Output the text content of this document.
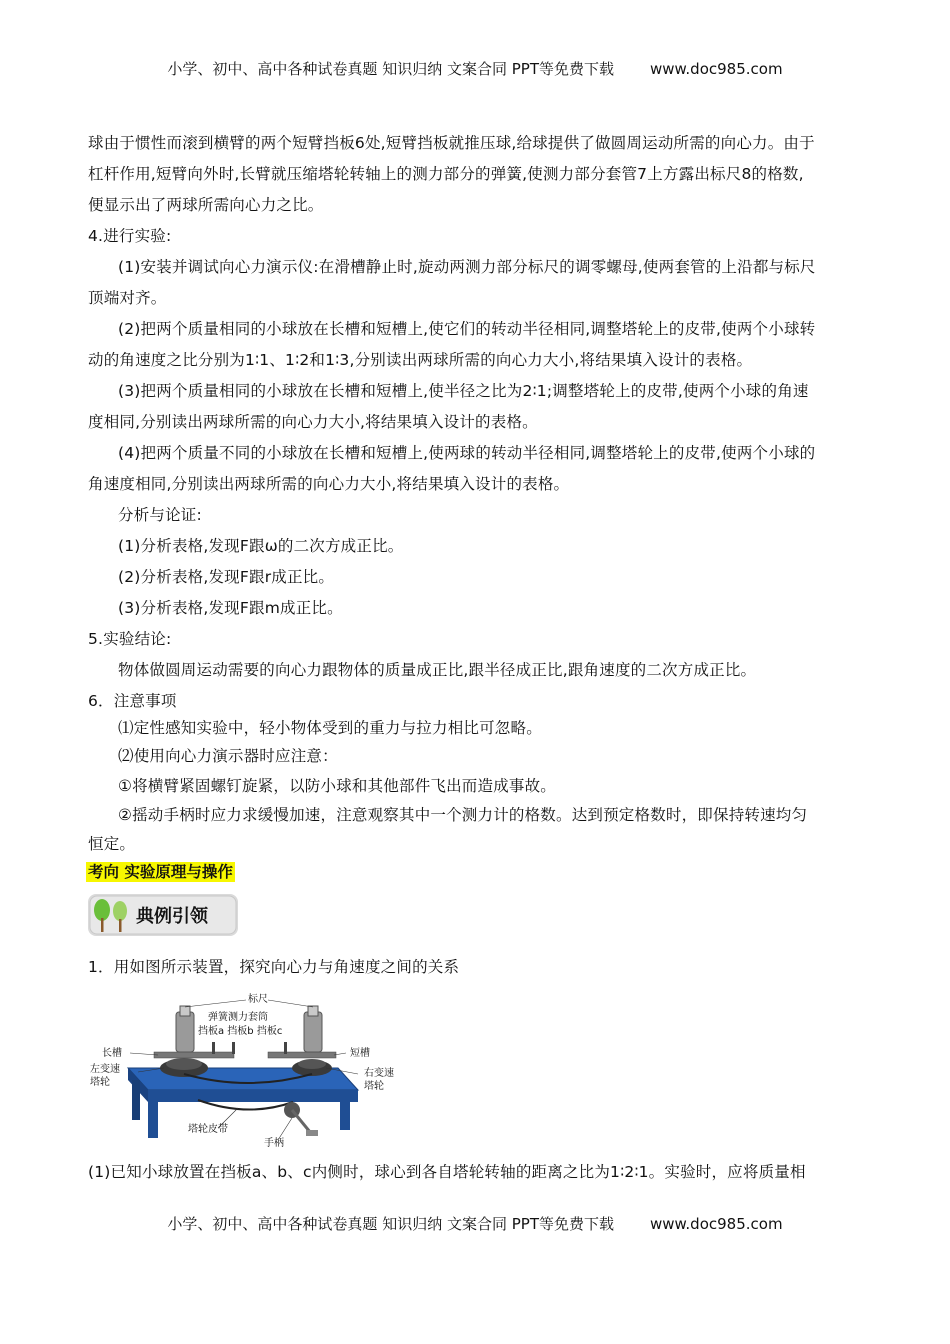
小学、初中、高中各种试卷真题 知识归纳 文案合同 PPT等免费下载 www.doc985.com
球由于惯性而滚到横臂的两个短臂挡板6处,短臂挡板就推压球,给球提供了做圆周运动所需的向心力。由于
杠杆作用,短臂向外时,长臂就压缩塔轮转轴上的测力部分的弹簧,使测力部分套管7上方露出标尺8的格数,
便显示出了两球所需向心力之比。
4.进行实验:
(1)安装并调试向心力演示仪:在滑槽静止时,旋动两测力部分标尺的调零螺母,使两套管的上沿都与标尺
顶端对齐。
(2)把两个质量相同的小球放在长槽和短槽上,使它们的转动半径相同,调整塔轮上的皮带,使两个小球转
动的角速度之比分别为1∶1、1∶2和1∶3,分别读出两球所需的向心力大小,将结果填入设计的表格。
(3)把两个质量相同的小球放在长槽和短槽上,使半径之比为2∶1;调整塔轮上的皮带,使两个小球的角速
度相同,分别读出两球所需的向心力大小,将结果填入设计的表格。
(4)把两个质量不同的小球放在长槽和短槽上,使两球的转动半径相同,调整塔轮上的皮带,使两个小球的
角速度相同,分别读出两球所需的向心力大小,将结果填入设计的表格。
分析与论证:
(1)分析表格,发现F跟ω的二次方成正比。
(2)分析表格,发现F跟r成正比。
(3)分析表格,发现F跟m成正比。
5.实验结论:
物体做圆周运动需要的向心力跟物体的质量成正比,跟半径成正比,跟角速度的二次方成正比。
6．注意事项
⑴定性感知实验中，轻小物体受到的重力与拉力相比可忽略。
⑵使用向心力演示器时应注意：
①将横臂紧固螺钉旋紧，以防小球和其他部件飞出而造成事故。
②摇动手柄时应力求缓慢加速，注意观察其中一个测力计的格数。达到预定格数时，即保持转速均匀
恒定。
考向 实验原理与操作
典例引领
1．用如图所示装置，探究向心力与角速度之间的关系
标尺
弹簧测力套筒
挡板a 挡板b 挡板c
长槽
左变速
塔轮
短槽
右变速
塔轮
塔轮皮带
手柄
(1)已知小球放置在挡板a、b、c内侧时，球心到各自塔轮转轴的距离之比为1∶2∶1。实验时，应将质量相
小学、初中、高中各种试卷真题 知识归纳 文案合同 PPT等免费下载 www.doc985.com
